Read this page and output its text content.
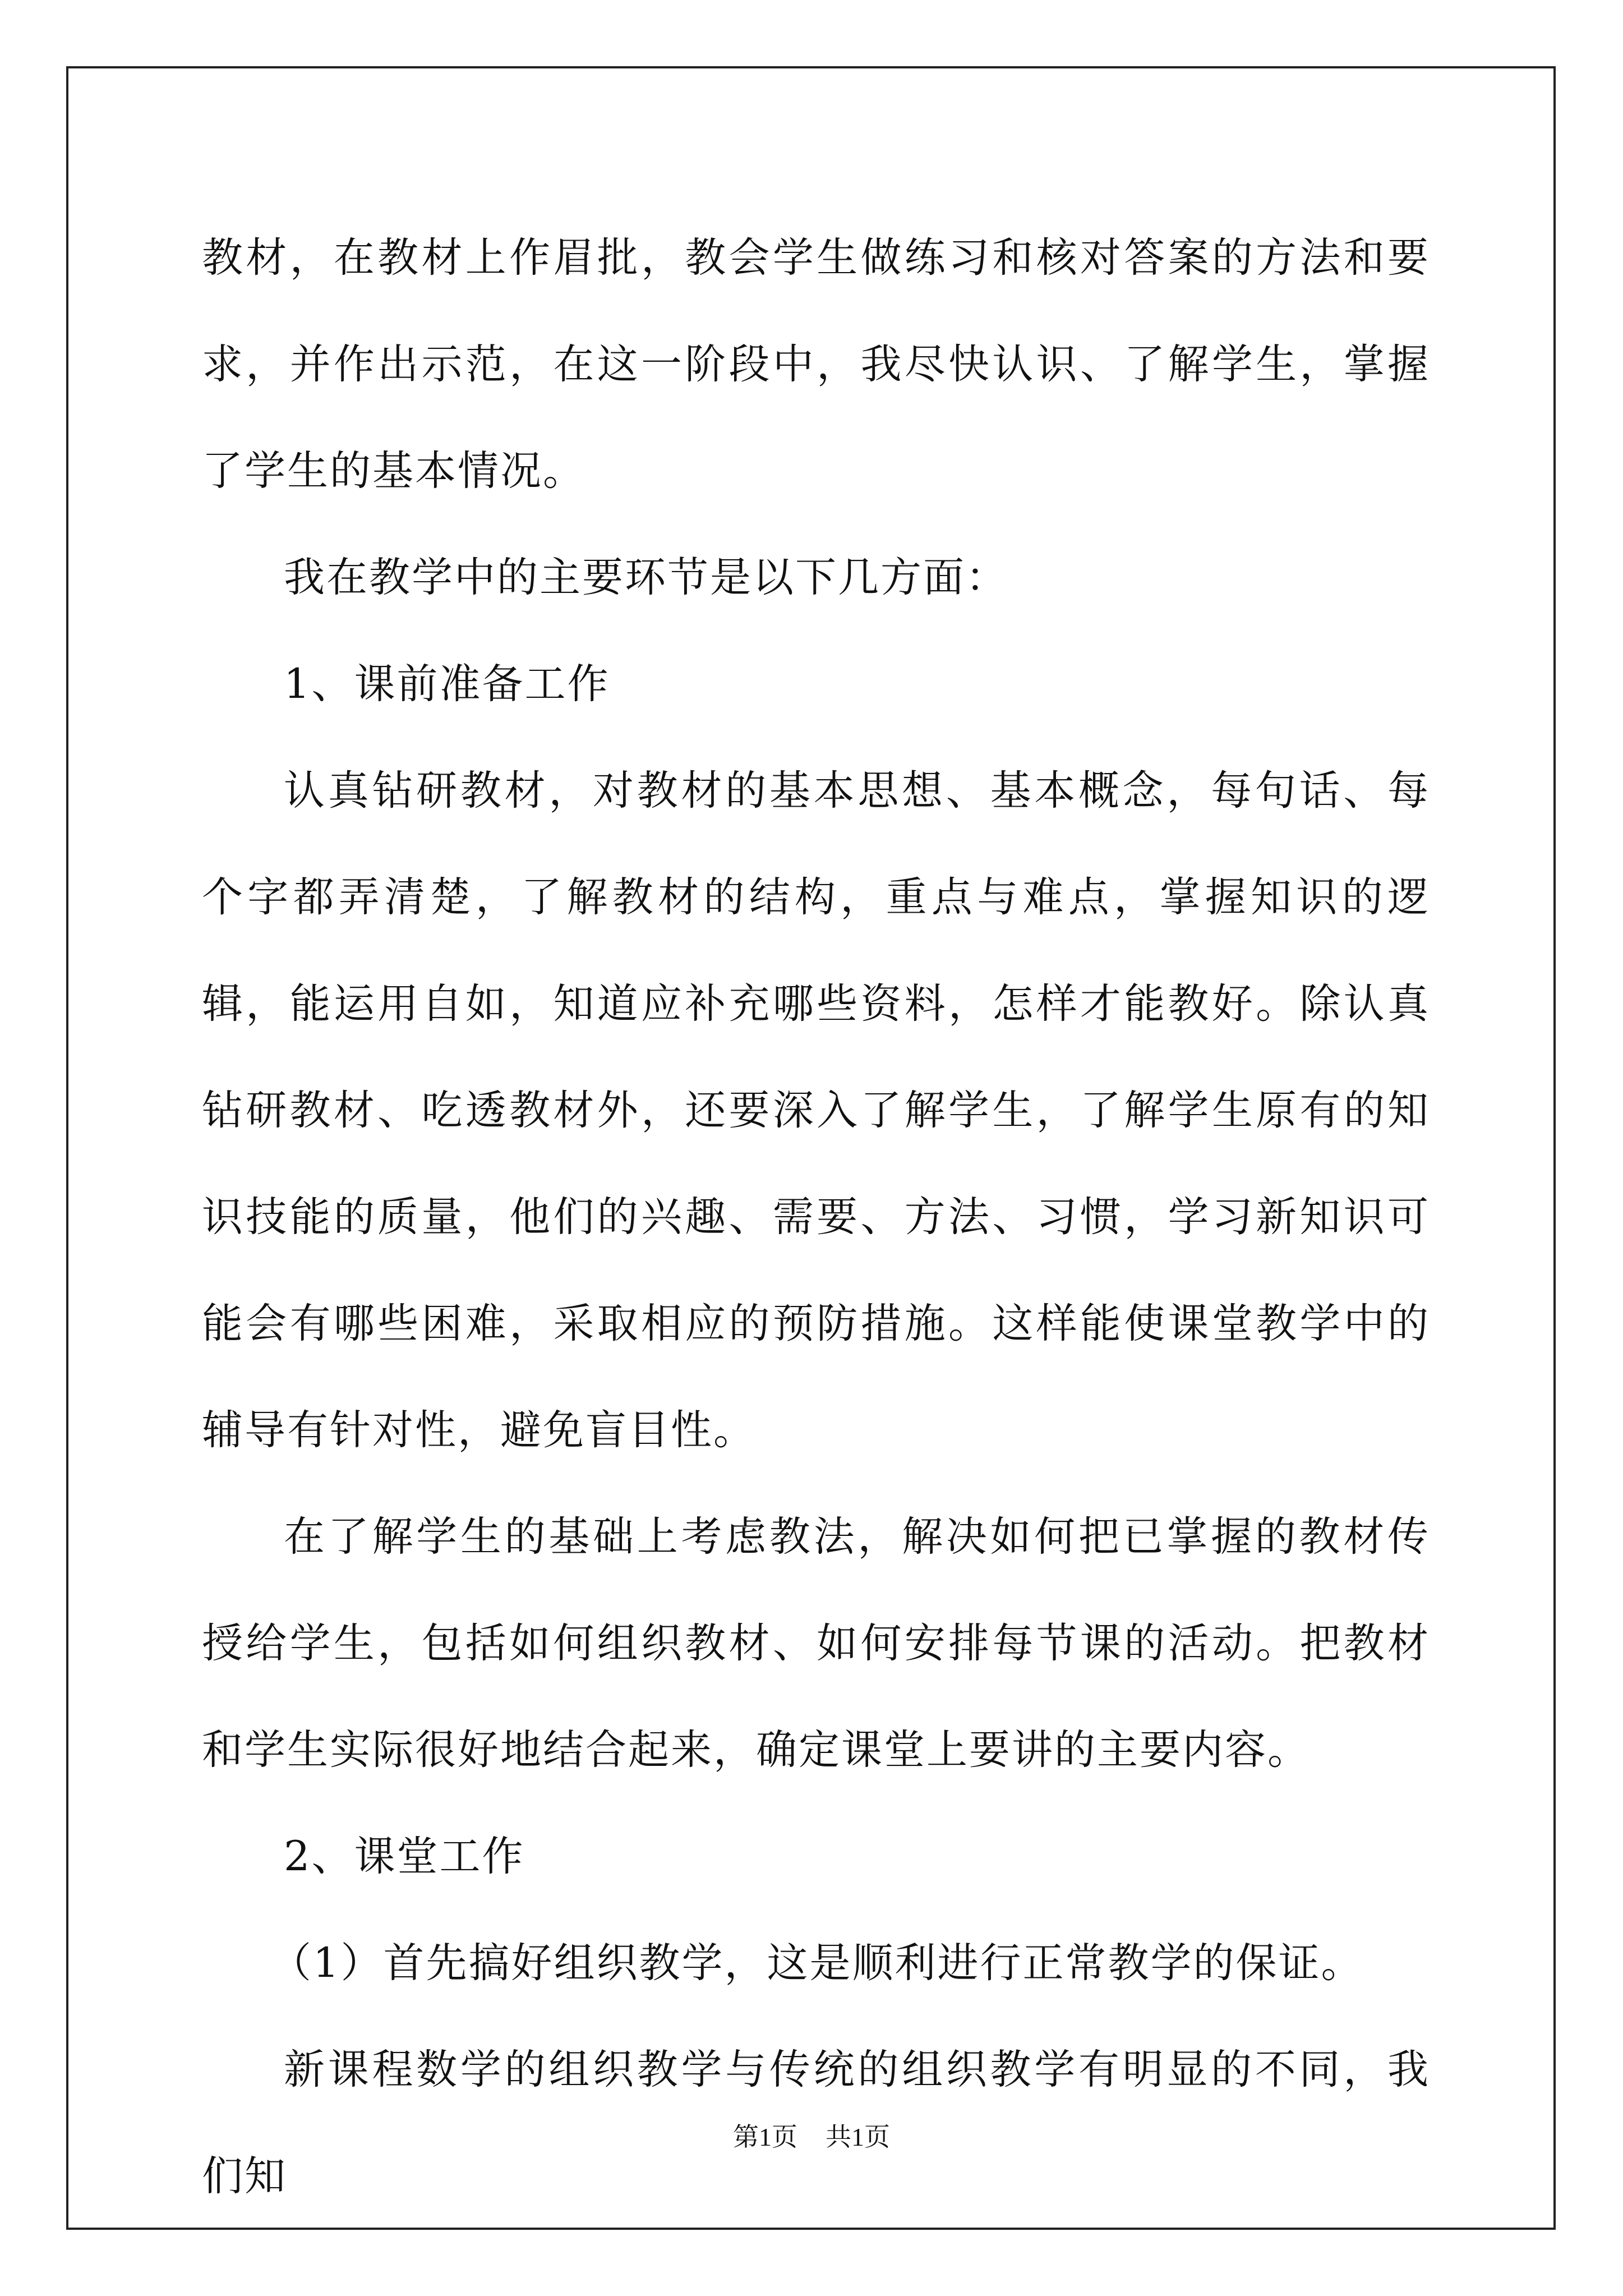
教材，在教材上作眉批，教会学生做练习和核对答案的方法和要求，并作出示范，在这一阶段中，我尽快认识、了解学生，掌握了学生的基本情况。

我在教学中的主要环节是以下几方面：

1、课前准备工作

认真钻研教材，对教材的基本思想、基本概念，每句话、每个字都弄清楚，了解教材的结构，重点与难点，掌握知识的逻辑，能运用自如，知道应补充哪些资料，怎样才能教好。除认真钻研教材、吃透教材外，还要深入了解学生，了解学生原有的知识技能的质量，他们的兴趣、需要、方法、习惯，学习新知识可能会有哪些困难，采取相应的预防措施。这样能使课堂教学中的辅导有针对性，避免盲目性。

在了解学生的基础上考虑教法，解决如何把已掌握的教材传授给学生，包括如何组织教材、如何安排每节课的活动。把教材和学生实际很好地结合起来，确定课堂上要讲的主要内容。

2、课堂工作

（1）首先搞好组织教学，这是顺利进行正常教学的保证。

新课程数学的组织教学与传统的组织教学有明显的不同，我们知

第1页 共1页
